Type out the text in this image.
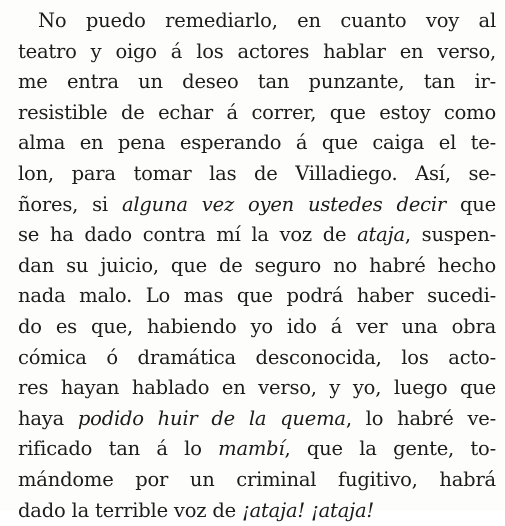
No puedo remediarlo, en cuanto voy al
teatro y oigo á los actores hablar en verso,
me entra un deseo tan punzante, tan ir-
resistible de echar á correr, que estoy como
alma en pena esperando á que caiga el te-
lon, para tomar las de Villadiego. Así, se-
ñores, si alguna vez oyen ustedes decir que
se ha dado contra mí la voz de ataja, suspen-
dan su juicio, que de seguro no habré hecho
nada malo. Lo mas que podrá haber sucedi-
do es que, habiendo yo ido á ver una obra
cómica ó dramática desconocida, los acto-
res hayan hablado en verso, y yo, luego que
haya podido huir de la quema, lo habré ve-
rificado tan á lo mambí, que la gente, to-
mándome por un criminal fugitivo, habrá
dado la terrible voz de ¡ataja! ¡ataja!
